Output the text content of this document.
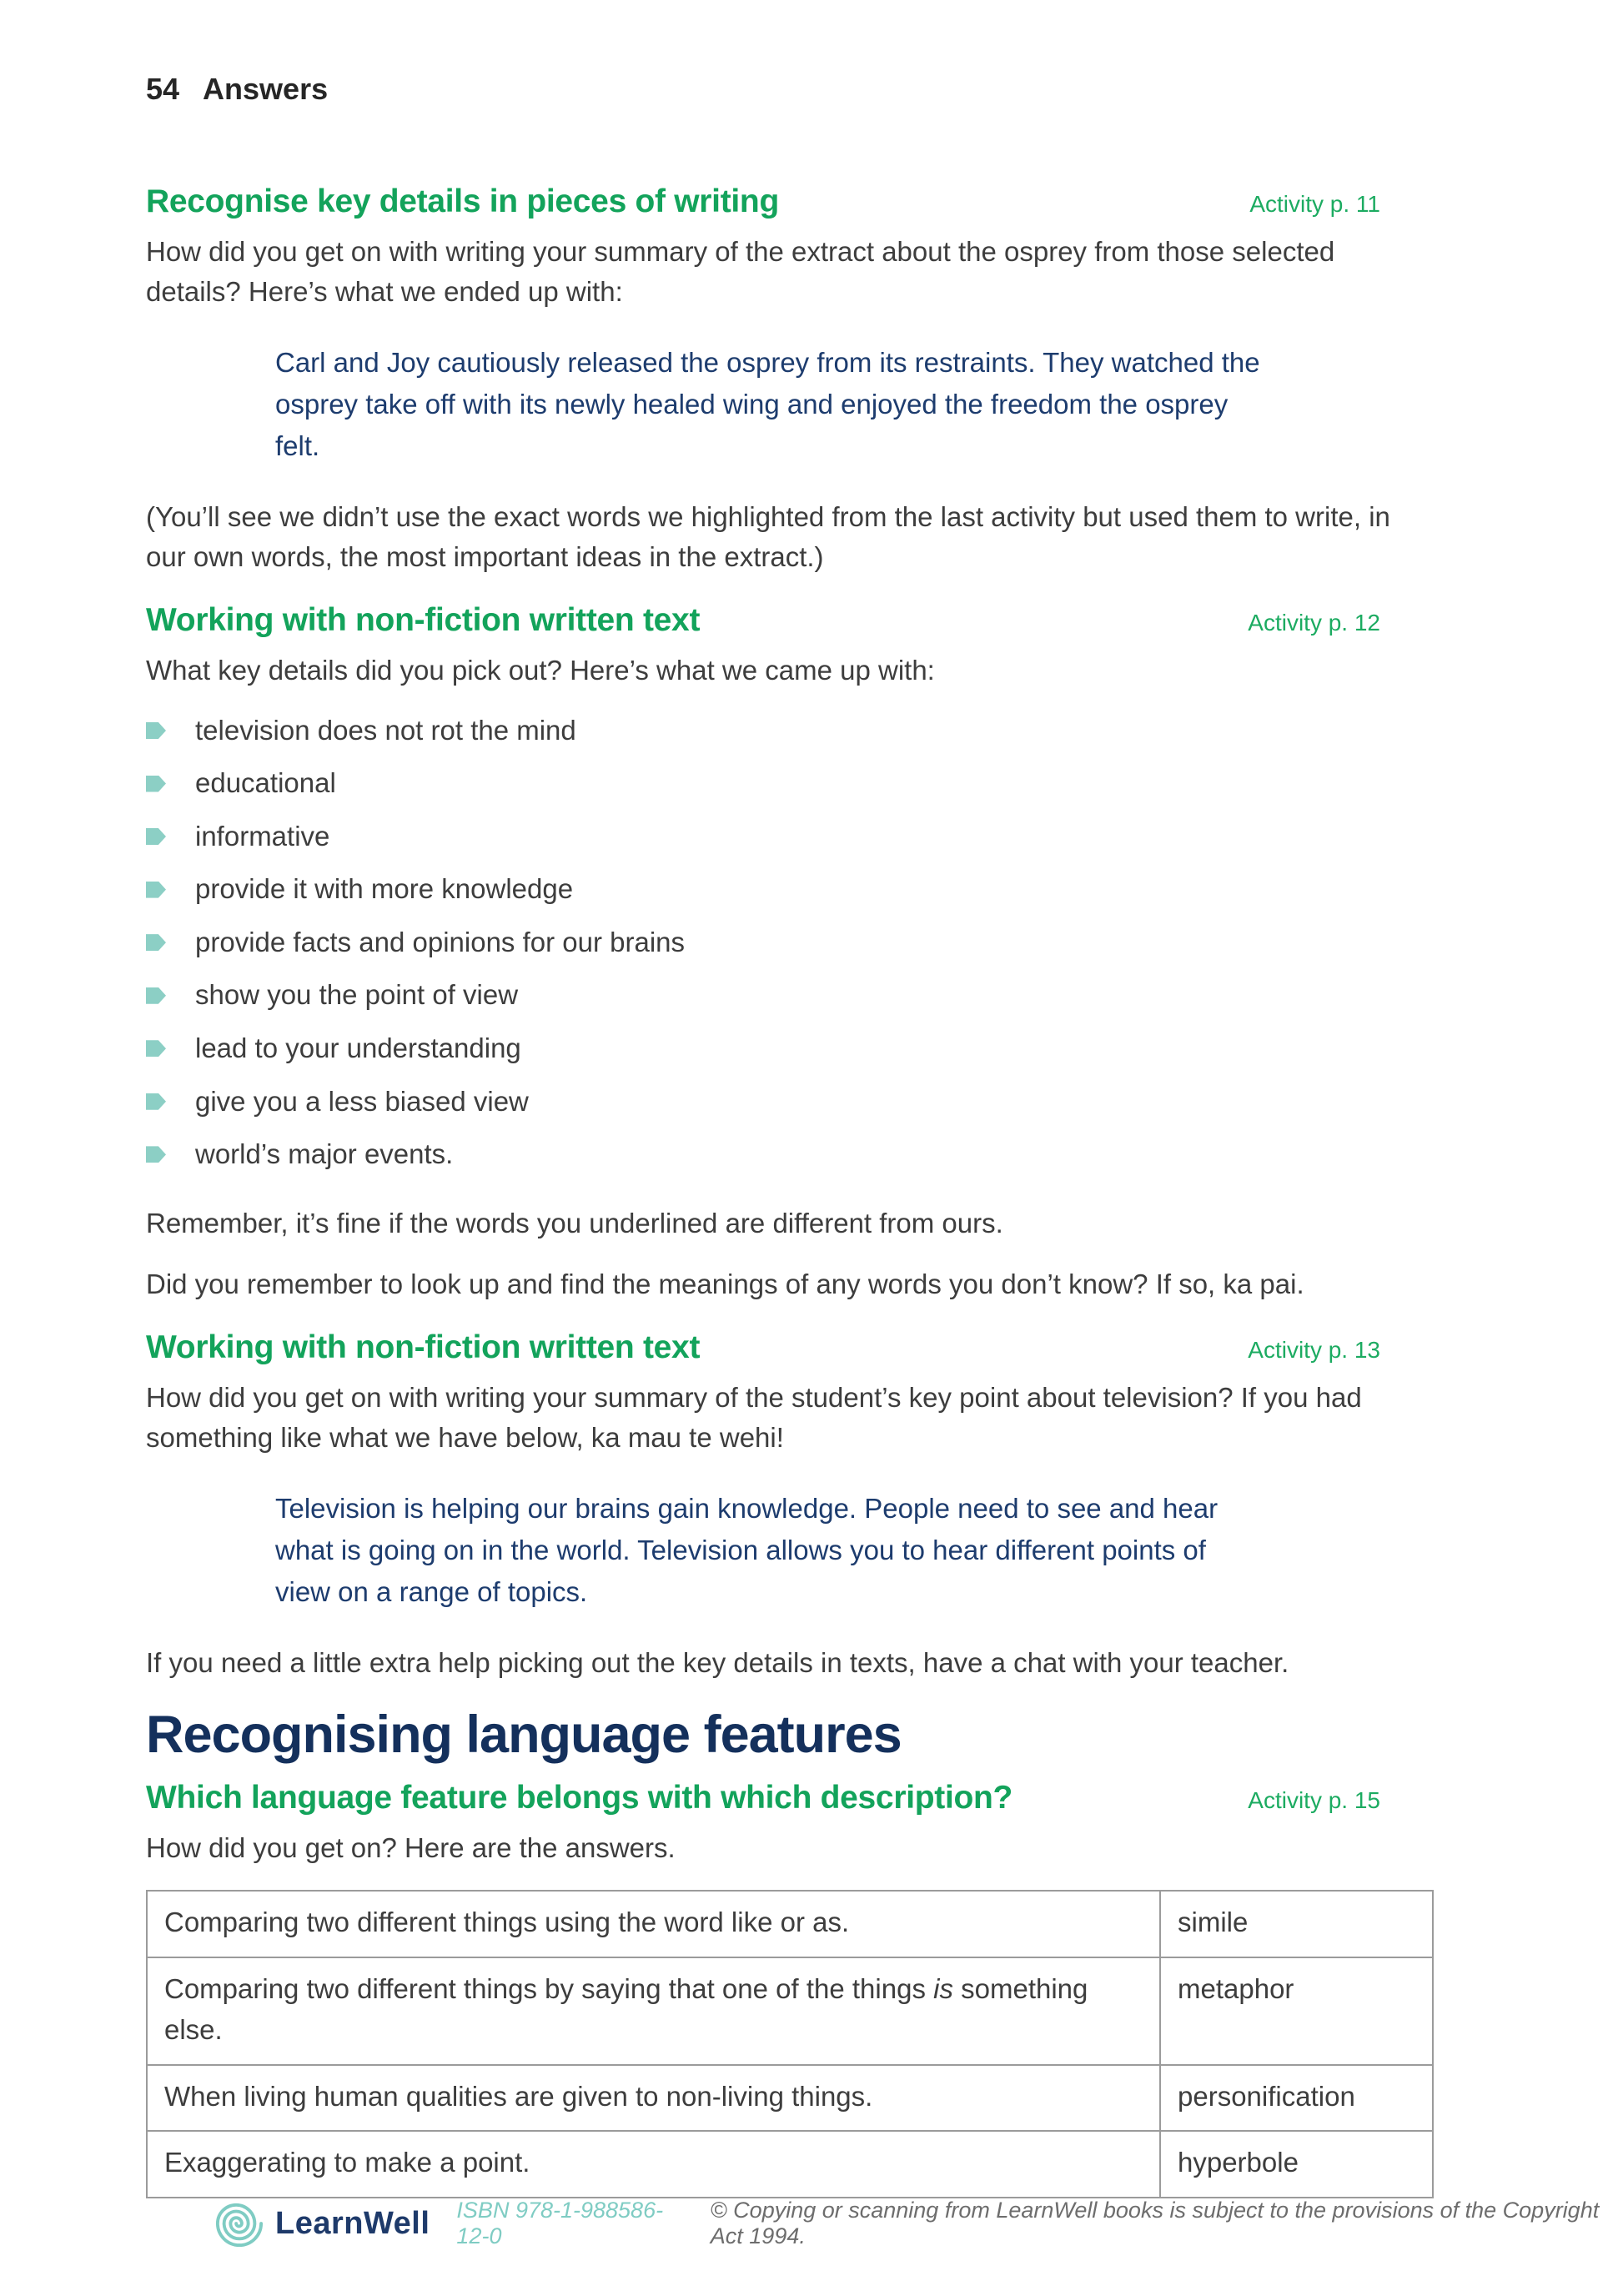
54 Answers
Recognise key details in pieces of writing	Activity p. 11

How did you get on with writing your summary of the extract about the osprey from those selected details? Here’s what we ended up with:

Carl and Joy cautiously released the osprey from its restraints. They watched the osprey take off with its newly healed wing and enjoyed the freedom the osprey felt.

(You’ll see we didn’t use the exact words we highlighted from the last activity but used them to write, in our own words, the most important ideas in the extract.)

Working with non-fiction written text	Activity p. 12

What key details did you pick out? Here’s what we came up with:

television does not rot the mind
educational
informative
provide it with more knowledge
provide facts and opinions for our brains
show you the point of view
lead to your understanding
give you a less biased view
world’s major events.

Remember, it’s fine if the words you underlined are different from ours.

Did you remember to look up and find the meanings of any words you don’t know? If so, ka pai.

Working with non-fiction written text	Activity p. 13

How did you get on with writing your summary of the student’s key point about television? If you had something like what we have below, ka mau te wehi!

Television is helping our brains gain knowledge. People need to see and hear what is going on in the world. Television allows you to hear different points of view on a range of topics.

If you need a little extra help picking out the key details in texts, have a chat with your teacher.

Recognising language features
Which language feature belongs with which description?	Activity p. 15

How did you get on? Here are the answers.

Comparing two different things using the word like or as.	simile
Comparing two different things by saying that one of the things is something else.	metaphor
When living human qualities are given to non-living things.	personification
Exaggerating to make a point.	hyperbole
LearnWell ISBN 978-1-988586-12-0
© Copying or scanning from LearnWell books is subject to the provisions of the Copyright Act 1994.
